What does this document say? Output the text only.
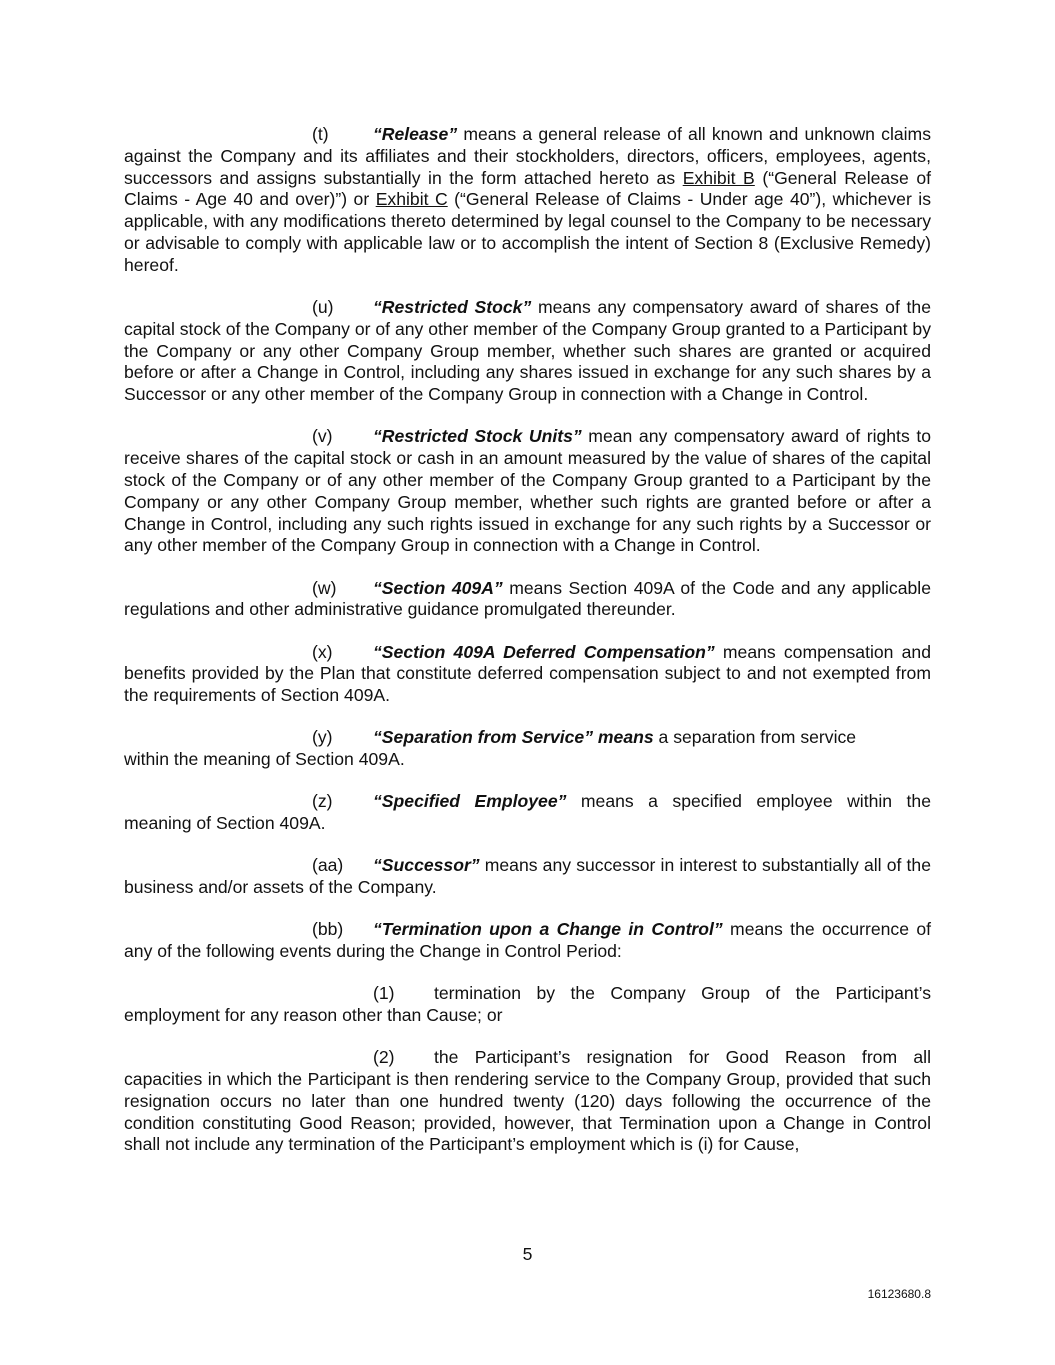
(t)	“Release” means a general release of all known and unknown claims against the Company and its affiliates and their stockholders, directors, officers, employees, agents, successors and assigns substantially in the form attached hereto as Exhibit B (“General Release of Claims - Age 40 and over)”) or Exhibit C (“General Release of Claims - Under age 40”), whichever is applicable, with any modifications thereto determined by legal counsel to the Company to be necessary or advisable to comply with applicable law or to accomplish the intent of Section 8 (Exclusive Remedy) hereof.

(u) “Restricted Stock” means any compensatory award of shares of the capital stock of the Company or of any other member of the Company Group granted to a Participant by the Company or any other Company Group member, whether such shares are granted or acquired before or after a Change in Control, including any shares issued in exchange for any such shares by a Successor or any other member of the Company Group in connection with a Change in Control.

(v) “Restricted Stock Units” mean any compensatory award of rights to receive shares of the capital stock or cash in an amount measured by the value of shares of the capital stock of the Company or of any other member of the Company Group granted to a Participant by the Company or any other Company Group member, whether such rights are granted before or after a Change in Control, including any such rights issued in exchange for any such rights by a Successor or any other member of the Company Group in connection with a Change in Control.

(w) “Section 409A” means Section 409A of the Code and any applicable regulations and other administrative guidance promulgated thereunder.

(x) “Section 409A Deferred Compensation” means compensation and benefits provided by the Plan that constitute deferred compensation subject to and not exempted from the requirements of Section 409A.

(y) “Separation from Service” means a separation from service within the meaning of Section 409A.

(z) “Specified Employee” means a specified employee within the meaning of Section 409A.

(aa) “Successor” means any successor in interest to substantially all of the business and/or assets of the Company.

(bb) “Termination upon a Change in Control” means the occurrence of any of the following events during the Change in Control Period:

(1) termination by the Company Group of the Participant’s employment for any reason other than Cause; or

(2) the Participant’s resignation for Good Reason from all capacities in which the Participant is then rendering service to the Company Group, provided that such resignation occurs no later than one hundred twenty (120) days following the occurrence of the condition constituting Good Reason; provided, however, that Termination upon a Change in Control shall not include any termination of the Participant’s employment which is (i) for Cause,

5
16123680.8
